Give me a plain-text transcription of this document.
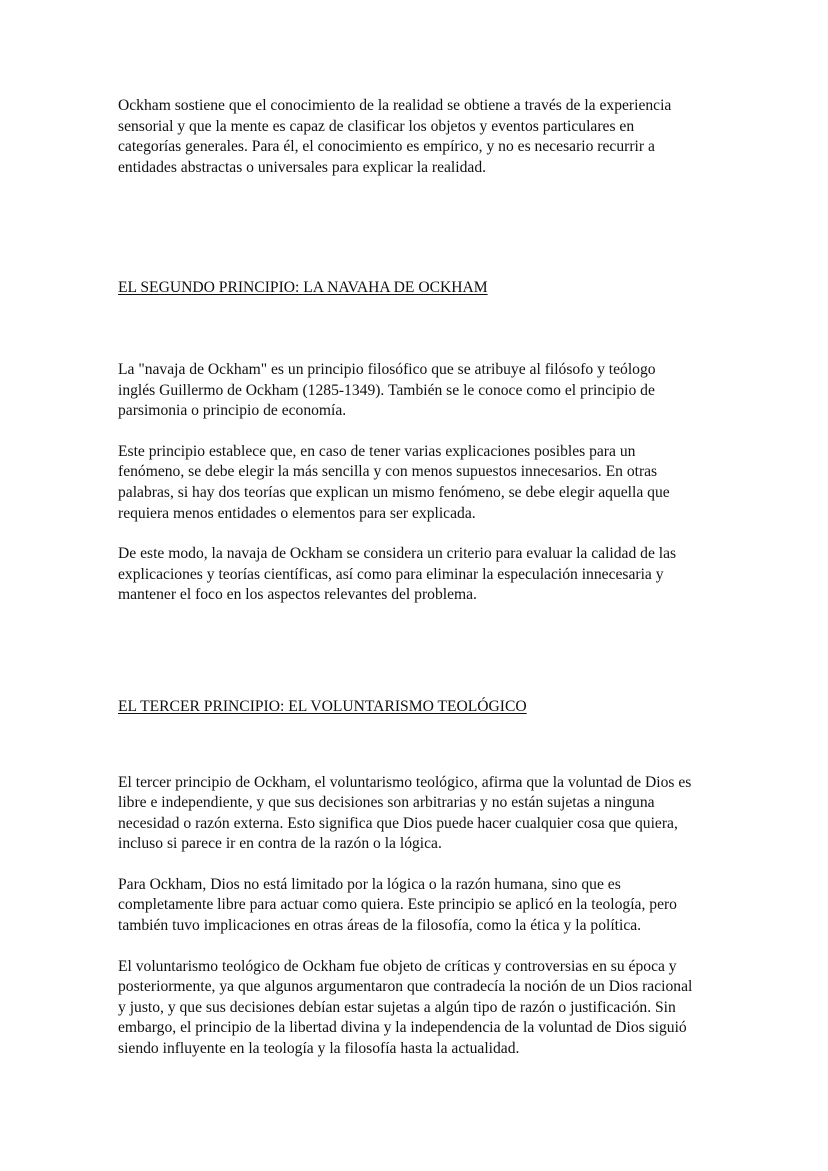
Ockham sostiene que el conocimiento de la realidad se obtiene a través de la experiencia sensorial y que la mente es capaz de clasificar los objetos y eventos particulares en categorías generales. Para él, el conocimiento es empírico, y no es necesario recurrir a entidades abstractas o universales para explicar la realidad.

EL SEGUNDO PRINCIPIO: LA NAVAHA DE OCKHAM

La "navaja de Ockham" es un principio filosófico que se atribuye al filósofo y teólogo inglés Guillermo de Ockham (1285-1349). También se le conoce como el principio de parsimonia o principio de economía.

Este principio establece que, en caso de tener varias explicaciones posibles para un fenómeno, se debe elegir la más sencilla y con menos supuestos innecesarios. En otras palabras, si hay dos teorías que explican un mismo fenómeno, se debe elegir aquella que requiera menos entidades o elementos para ser explicada.

De este modo, la navaja de Ockham se considera un criterio para evaluar la calidad de las explicaciones y teorías científicas, así como para eliminar la especulación innecesaria y mantener el foco en los aspectos relevantes del problema.

EL TERCER PRINCIPIO: EL VOLUNTARISMO TEOLÓGICO

El tercer principio de Ockham, el voluntarismo teológico, afirma que la voluntad de Dios es libre e independiente, y que sus decisiones son arbitrarias y no están sujetas a ninguna necesidad o razón externa. Esto significa que Dios puede hacer cualquier cosa que quiera, incluso si parece ir en contra de la razón o la lógica.

Para Ockham, Dios no está limitado por la lógica o la razón humana, sino que es completamente libre para actuar como quiera. Este principio se aplicó en la teología, pero también tuvo implicaciones en otras áreas de la filosofía, como la ética y la política.

El voluntarismo teológico de Ockham fue objeto de críticas y controversias en su época y posteriormente, ya que algunos argumentaron que contradecía la noción de un Dios racional y justo, y que sus decisiones debían estar sujetas a algún tipo de razón o justificación. Sin embargo, el principio de la libertad divina y la independencia de la voluntad de Dios siguió siendo influyente en la teología y la filosofía hasta la actualidad.
